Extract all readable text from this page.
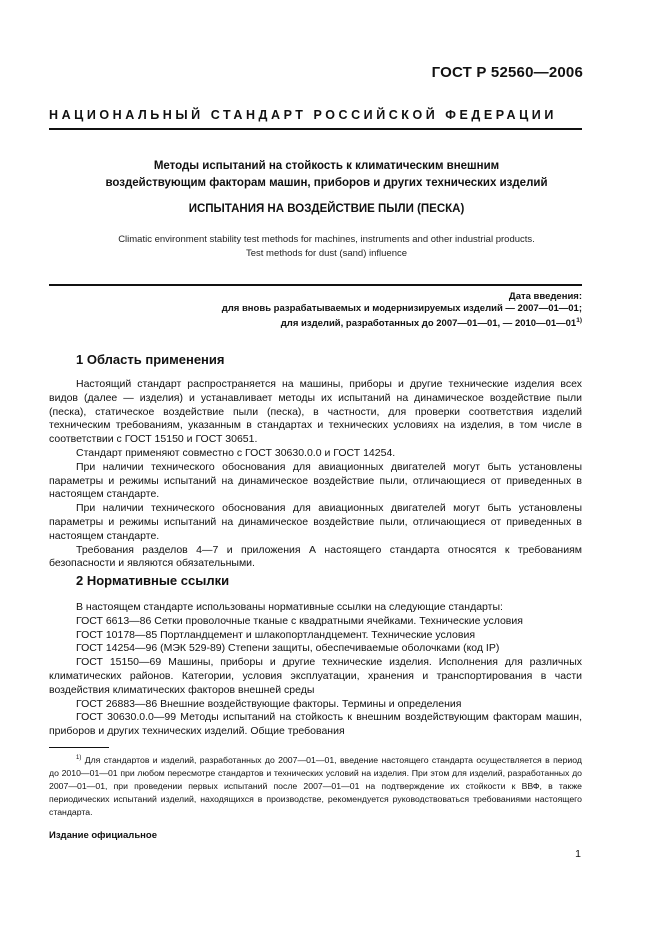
ГОСТ Р 52560—2006
НАЦИОНАЛЬНЫЙ СТАНДАРТ РОССИЙСКОЙ ФЕДЕРАЦИИ
Методы испытаний на стойкость к климатическим внешним
воздействующим факторам машин, приборов и других технических изделий
ИСПЫТАНИЯ НА ВОЗДЕЙСТВИЕ ПЫЛИ (ПЕСКА)
Climatic environment stability test methods for machines, instruments and other industrial products.
Test methods for dust (sand) influence
Дата введения:
для вновь разрабатываемых и модернизируемых изделий — 2007—01—01;
для изделий, разработанных до 2007—01—01, — 2010—01—01$^{1)}$
1 Область применения

Настоящий стандарт распространяется на машины, приборы и другие технические изделия всех видов (далее — изделия) и устанавливает методы их испытаний на динамическое воздействие пыли (песка), статическое воздействие пыли (песка), в частности, для проверки соответствия изделий техническим требованиям, указанным в стандартах и технических условиях на изделия, в том числе в соответствии с ГОСТ 15150 и ГОСТ 30651.

Стандарт применяют совместно с ГОСТ 30630.0.0 и ГОСТ 14254.

При наличии технического обоснования для авиационных двигателей могут быть установлены параметры и режимы испытаний на динамическое воздействие пыли, отличающиеся от приведенных в настоящем стандарте.

При наличии технического обоснования для авиационных двигателей могут быть установлены параметры и режимы испытаний на динамическое воздействие пыли, отличающиеся от приведенных в настоящем стандарте.

Требования разделов 4—7 и приложения А настоящего стандарта относятся к требованиям безопасности и являются обязательными.

2 Нормативные ссылки

В настоящем стандарте использованы нормативные ссылки на следующие стандарты:

ГОСТ 6613—86 Сетки проволочные тканые с квадратными ячейками. Технические условия

ГОСТ 10178—85 Портландцемент и шлакопортландцемент. Технические условия

ГОСТ 14254—96 (МЭК 529-89) Степени защиты, обеспечиваемые оболочками (код IP)

ГОСТ 15150—69 Машины, приборы и другие технические изделия. Исполнения для различных климатических районов. Категории, условия эксплуатации, хранения и транспортирования в части воздействия климатических факторов внешней среды

ГОСТ 26883—86 Внешние воздействующие факторы. Термины и определения

ГОСТ 30630.0.0—99 Методы испытаний на стойкость к внешним воздействующим факторам машин, приборов и других технических изделий. Общие требования

$^{1)}$ Для стандартов и изделий, разработанных до 2007—01—01, введение настоящего стандарта осуществляется в период до 2010—01—01 при любом пересмотре стандартов и технических условий на изделия. При этом для изделий, разработанных до 2007—01—01, при проведении первых испытаний после 2007—01—01 на подтверждение их стойкости к ВВФ, в также периодических испытаний изделий, находящихся в производстве, рекомендуется руководствоваться требованиями настоящего стандарта.

Издание официальное
1
